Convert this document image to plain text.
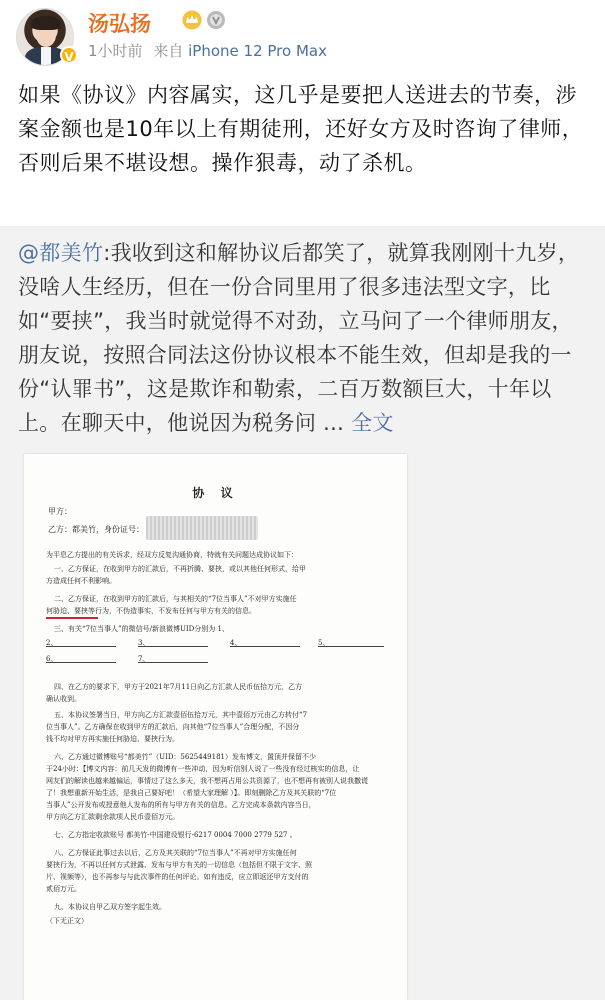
V
汤弘扬
1小时前 来自 iPhone 12 Pro Max
如果《协议》内容属实，这几乎是要把人送进去的节奏，涉案金额也是10年以上有期徒刑，还好女方及时咨询了律师，否则后果不堪设想。操作狠毒，动了杀机。
@都美竹:我收到这和解协议后都笑了，就算我刚刚十九岁，没啥人生经历，但在一份合同里用了很多违法型文字，比如“要挟”，我当时就觉得不对劲，立马问了一个律师朋友，朋友说，按照合同法这份协议根本不能生效，但却是我的一份“认罪书”，这是欺诈和勒索，二百万数额巨大，十年以上。在聊天中，他说因为税务问 ... 全文
协 议
甲方：
乙方：都美竹，身份证号：
为平息乙方提出的有关诉求，经双方反复沟通协商，特就有关问题达成协议如下：
一、乙方保证，在收到甲方的汇款后，不再折腾、要挟，或以其他任何形式，给甲
方造成任何不利影响。
二、乙方保证，在收到甲方的汇款后，与其相关的“7位当事人”不对甲方实施任
何胁迫、要挟等行为，不伪造事实，不发布任何与甲方有关的信息。
三、有关“7位当事人”的微信号/新浪微博UID分别为 1、
2、	3、	4、	5、
6、	7、
四、在乙方的要求下，甲方于2021年7月11日向乙方汇款人民币伍拾万元，乙方
确认收到。
五、本协议签署当日，甲方向乙方汇款壹佰伍拾万元，其中壹佰万元由乙方转付“7
位当事人”。乙方确保在收到甲方的汇款后，向其他“7位当事人”合理分配，不因分
钱不均对甲方再实施任何胁迫、要挟行为。
六、乙方通过微博账号“都美竹”（UID：5625449181）发布博文，置顶并保留不少
于24小时：【博文内容：前几天发的微博有一些冲动，因为听信别人说了一些没有经过核实的信息，让
网友们的解读也越来越偏运，事情过了这么多天，我不想再占用公共资源了，也不想再有被别人说我撒谎
了！我想重新开始生活，是我自己要好吧！（希望大家理解 ）】。即刻删除乙方及其关联的“7位
当事人”公开发布或授意他人发布的所有与甲方有关的信息。乙方完成本条款内容当日，
甲方向乙方汇款剩余款项人民币壹佰万元。
七、乙方指定收款账号 都美竹-中国建设银行-6217 0004 7000 2779 527 。
八、乙方保证此事过去以后，乙方及其关联的“7位当事人”不再对甲方实施任何
要挟行为，不再以任何方式泄露、发布与甲方有关的一切信息（包括但不限于文字、照
片、视频等），也不再参与与此次事件的任何评论。如有违反，应立即返还甲方支付的
贰佰万元。
九、本协议自甲乙双方签字起生效。
（下无正文）
